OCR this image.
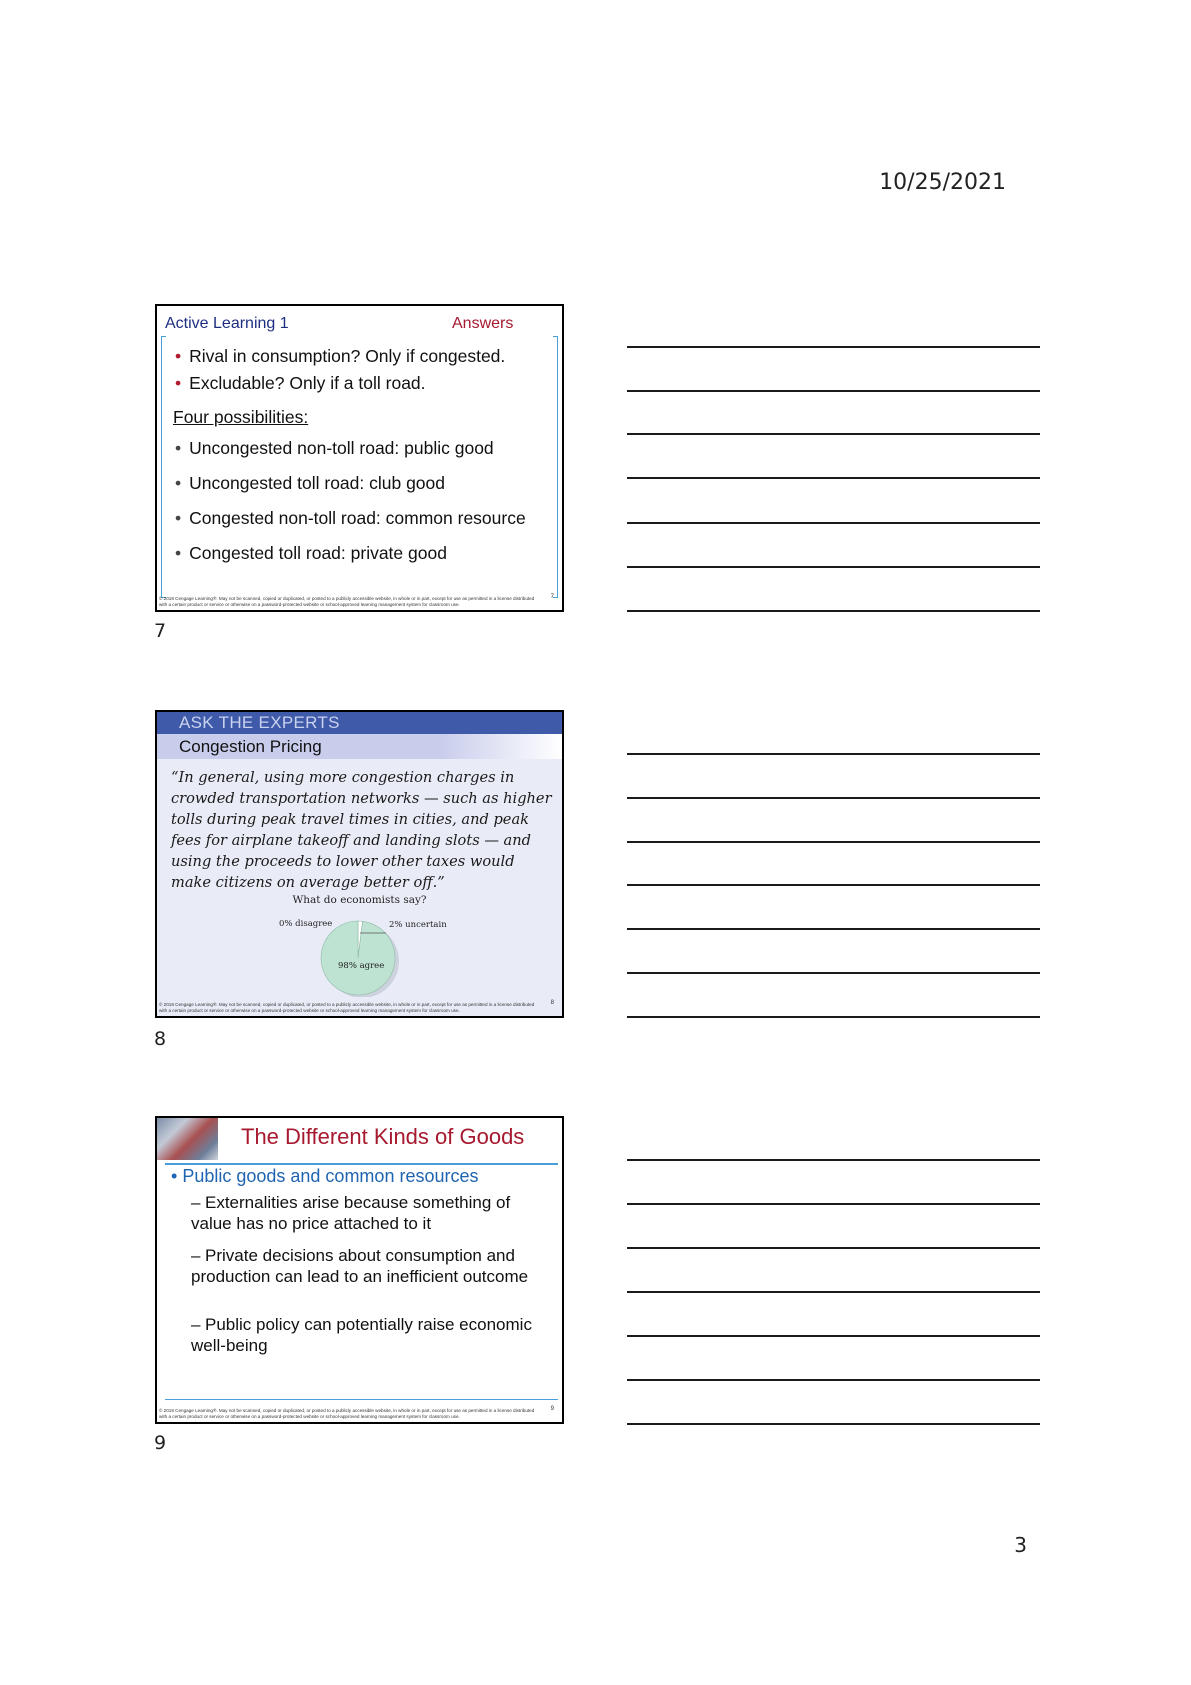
10/25/2021
Active Learning 1	Answers
• Rival in consumption? Only if congested.
• Excludable? Only if a toll road.
Four possibilities:
• Uncongested non-toll road: public good
• Uncongested toll road: club good
• Congested non-toll road: common resource
• Congested toll road: private good
© 2018 Cengage Learning®. May not be scanned, copied or duplicated, or posted to a publicly accessible website, in whole or in part, except for use as permitted in a license distributed with a certain product or service or otherwise on a password-protected website or school-approved learning management system for classroom use.
7
7
ASK THE EXPERTS
Congestion Pricing
“In general, using more congestion charges in crowded transportation networks — such as higher tolls during peak travel times in cities, and peak fees for airplane takeoff and landing slots — and using the proceeds to lower other taxes would make citizens on average better off.”
What do economists say?
0% disagree	2% uncertain
98% agree
© 2018 Cengage Learning®. May not be scanned, copied or duplicated, or posted to a publicly accessible website, in whole or in part, except for use as permitted in a license distributed with a certain product or service or otherwise on a password-protected website or school-approved learning management system for classroom use.
8
8
The Different Kinds of Goods
• Public goods and common resources
– Externalities arise because something of value has no price attached to it
– Private decisions about consumption and production can lead to an inefficient outcome
– Public policy can potentially raise economic well-being
© 2018 Cengage Learning®. May not be scanned, copied or duplicated, or posted to a publicly accessible website, in whole or in part, except for use as permitted in a license distributed with a certain product or service or otherwise on a password-protected website or school-approved learning management system for classroom use.
9
9
3
